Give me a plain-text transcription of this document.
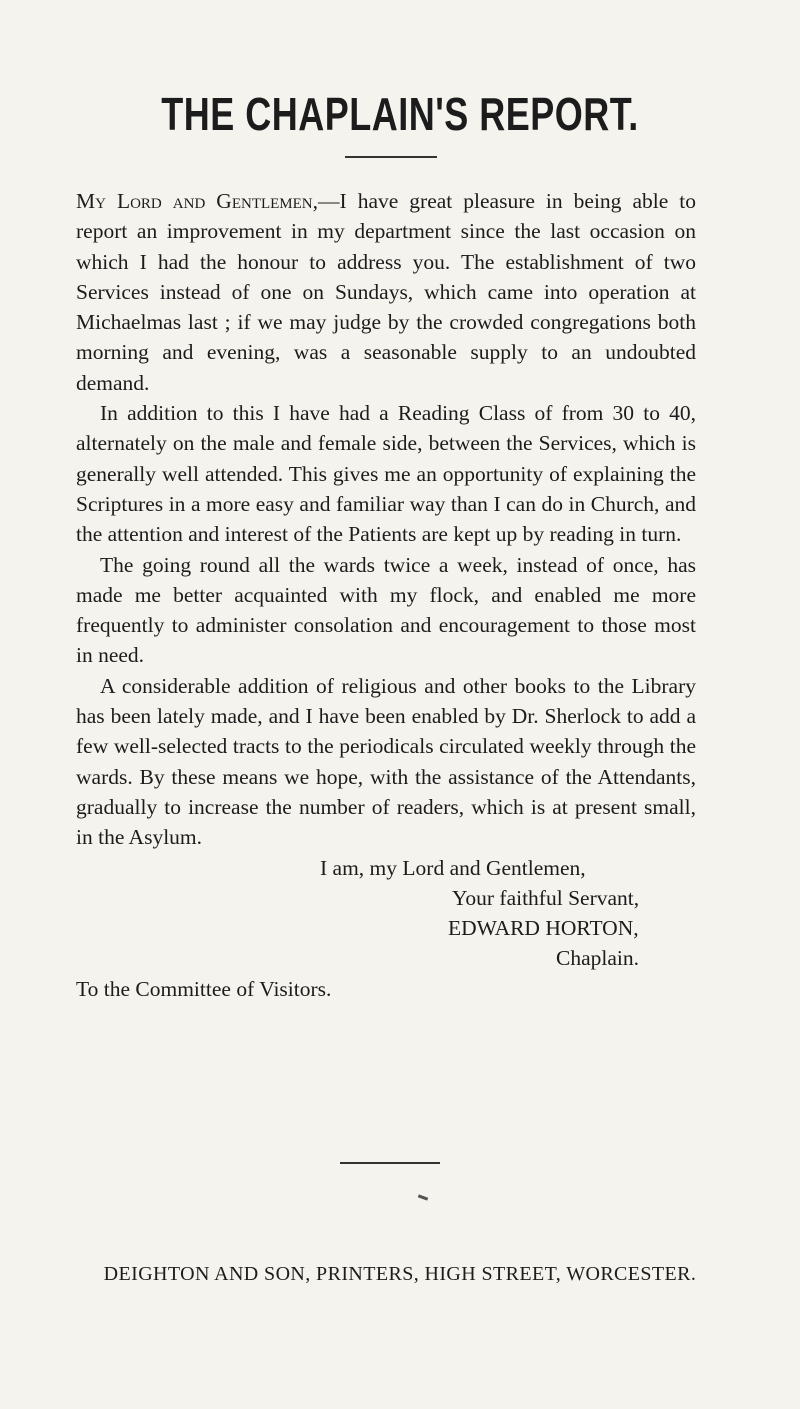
THE CHAPLAIN'S REPORT.

My Lord and Gentlemen,—I have great pleasure in being able to report an improvement in my department since the last occasion on which I had the honour to address you. The establishment of two Services instead of one on Sundays, which came into operation at Michaelmas last ; if we may judge by the crowded congregations both morning and evening, was a seasonable supply to an undoubted demand.

In addition to this I have had a Reading Class of from 30 to 40, alternately on the male and female side, between the Services, which is generally well attended. This gives me an opportunity of explaining the Scriptures in a more easy and familiar way than I can do in Church, and the attention and interest of the Patients are kept up by reading in turn.

The going round all the wards twice a week, instead of once, has made me better acquainted with my flock, and enabled me more frequently to administer consolation and encouragement to those most in need.

A considerable addition of religious and other books to the Library has been lately made, and I have been enabled by Dr. Sherlock to add a few well-selected tracts to the periodicals circulated weekly through the wards. By these means we hope, with the assistance of the Attendants, gradually to increase the number of readers, which is at present small, in the Asylum.

I am, my Lord and Gentlemen,

Your faithful Servant,

EDWARD HORTON,

Chaplain.

To the Committee of Visitors.

DEIGHTON AND SON, PRINTERS, HIGH STREET, WORCESTER.
